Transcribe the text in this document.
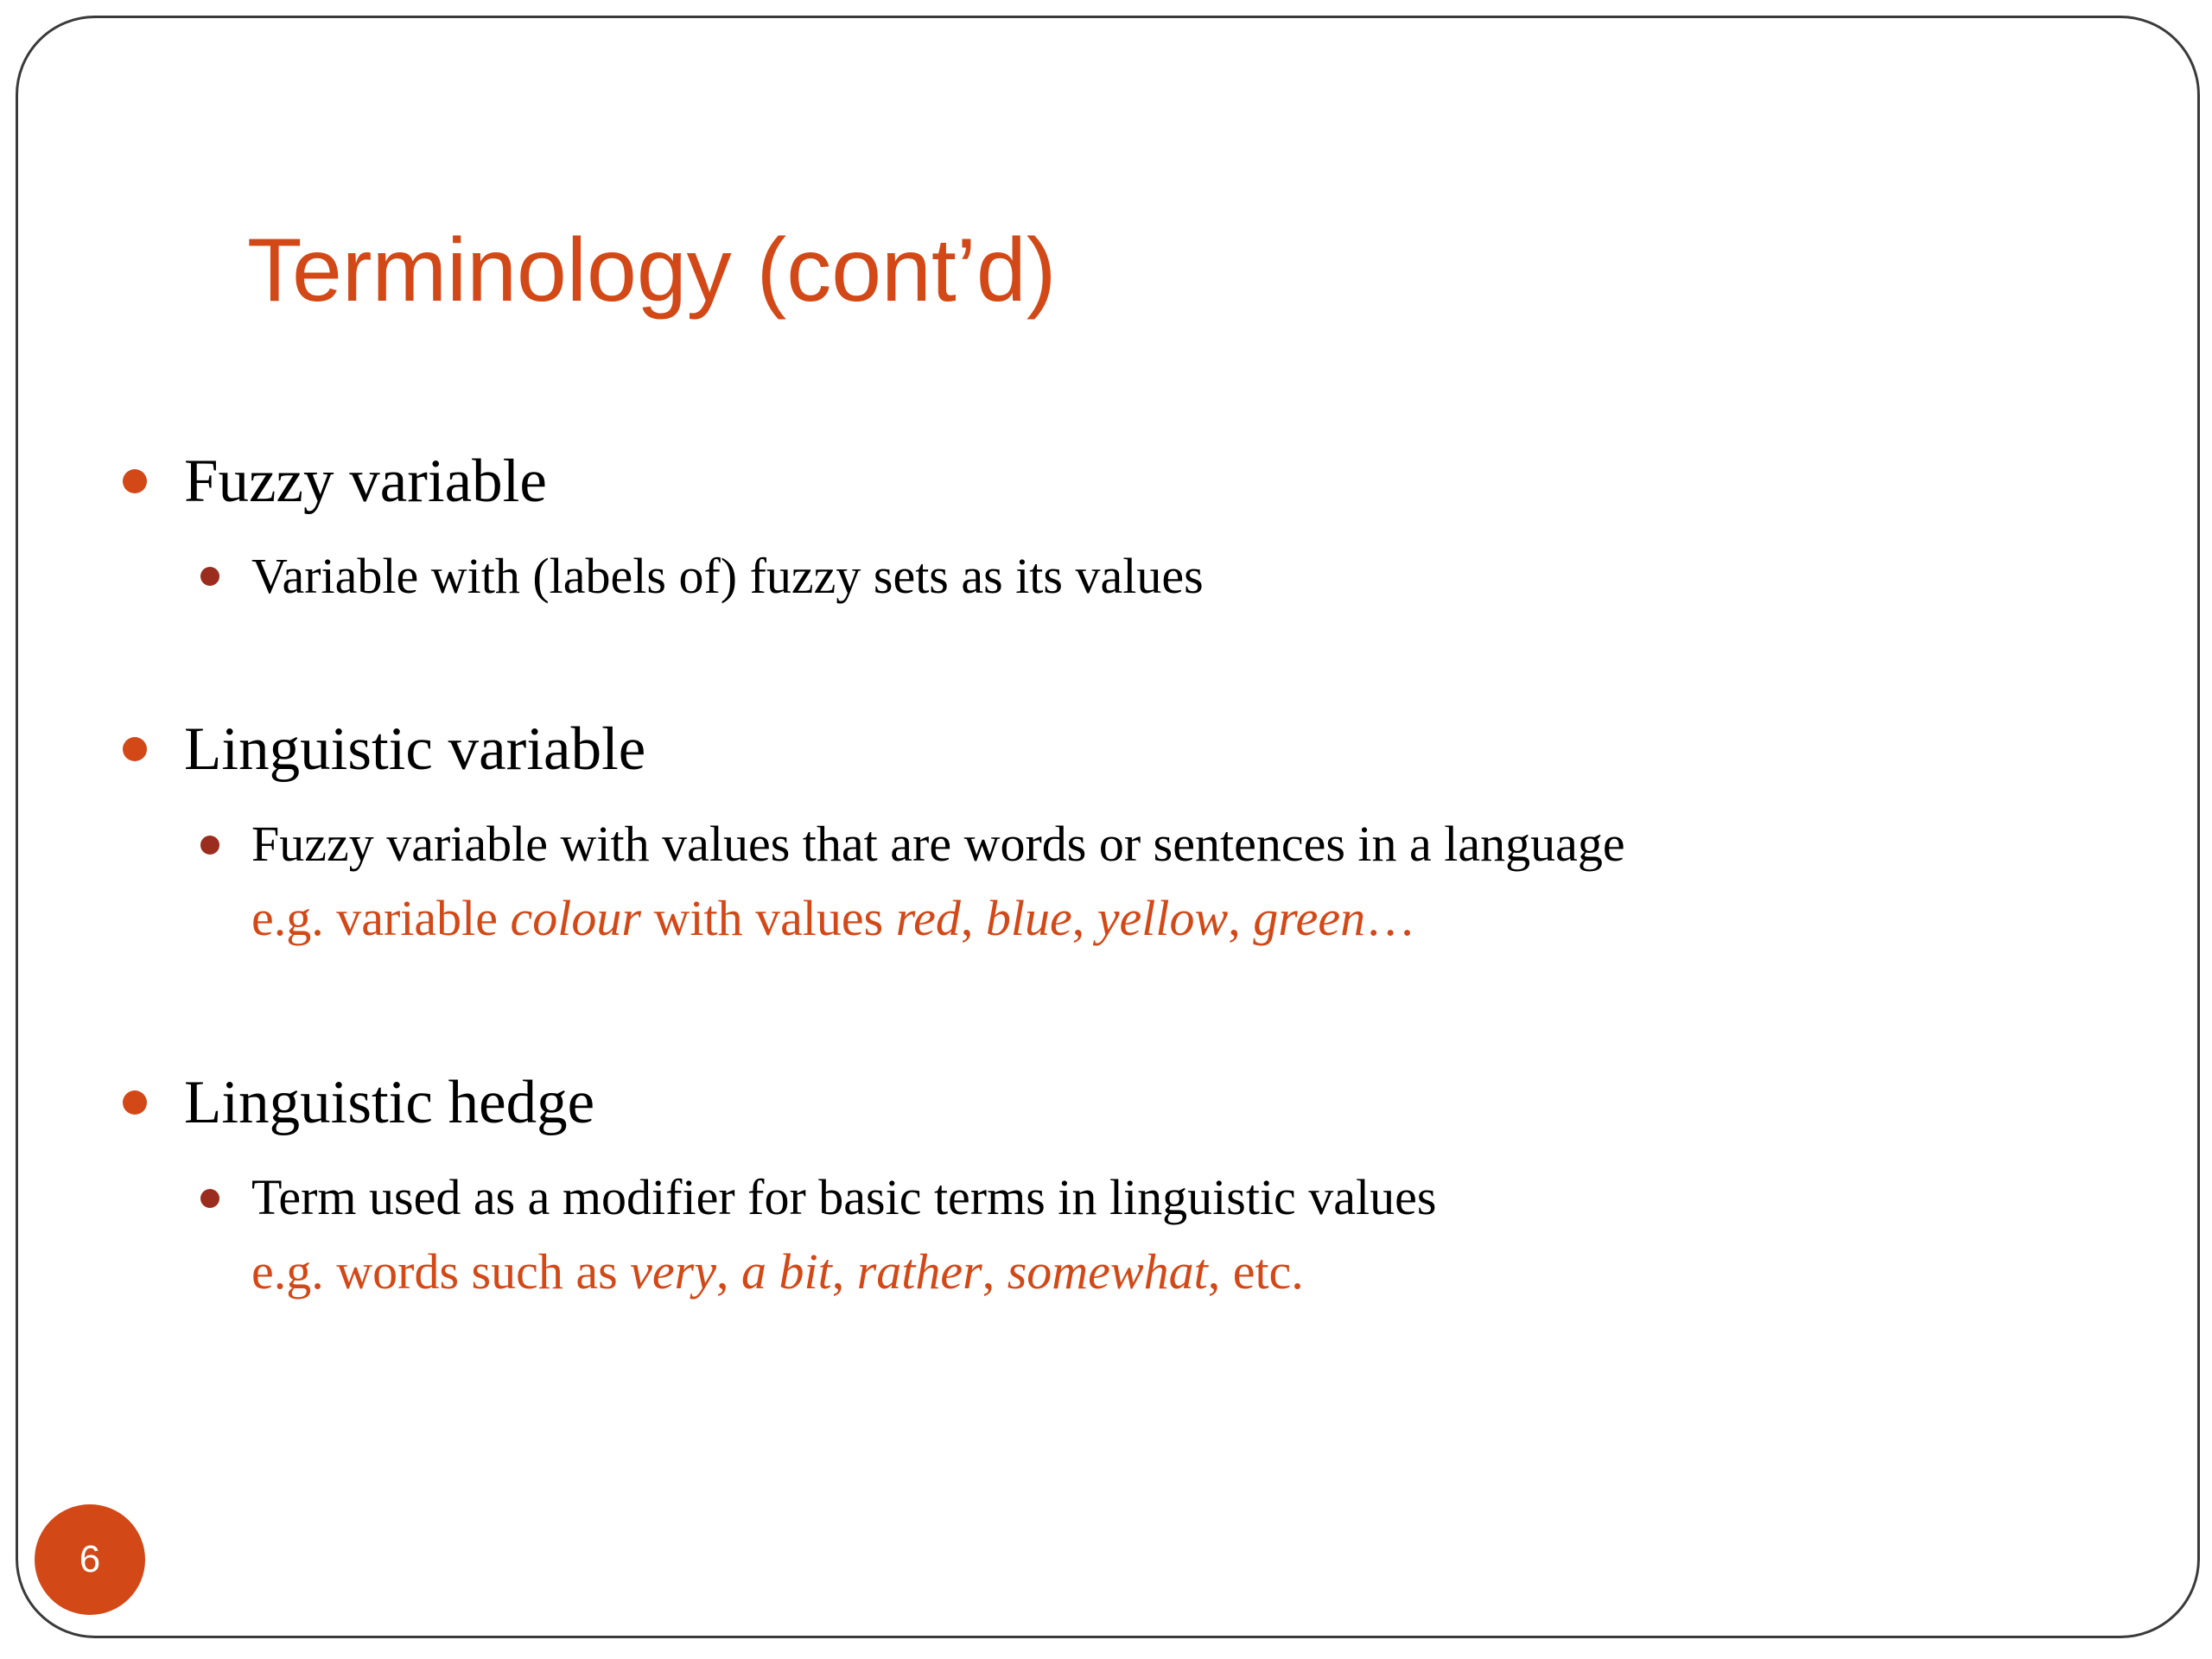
Terminology (cont’d)
Fuzzy variable
Variable with (labels of) fuzzy sets as its values
Linguistic variable
Fuzzy variable with values that are words or sentences in a language
e.g. variable colour with values red, blue, yellow, green…
Linguistic hedge
Term used as a modifier for basic terms in linguistic values
e.g. words such as very, a bit, rather, somewhat, etc.
6
